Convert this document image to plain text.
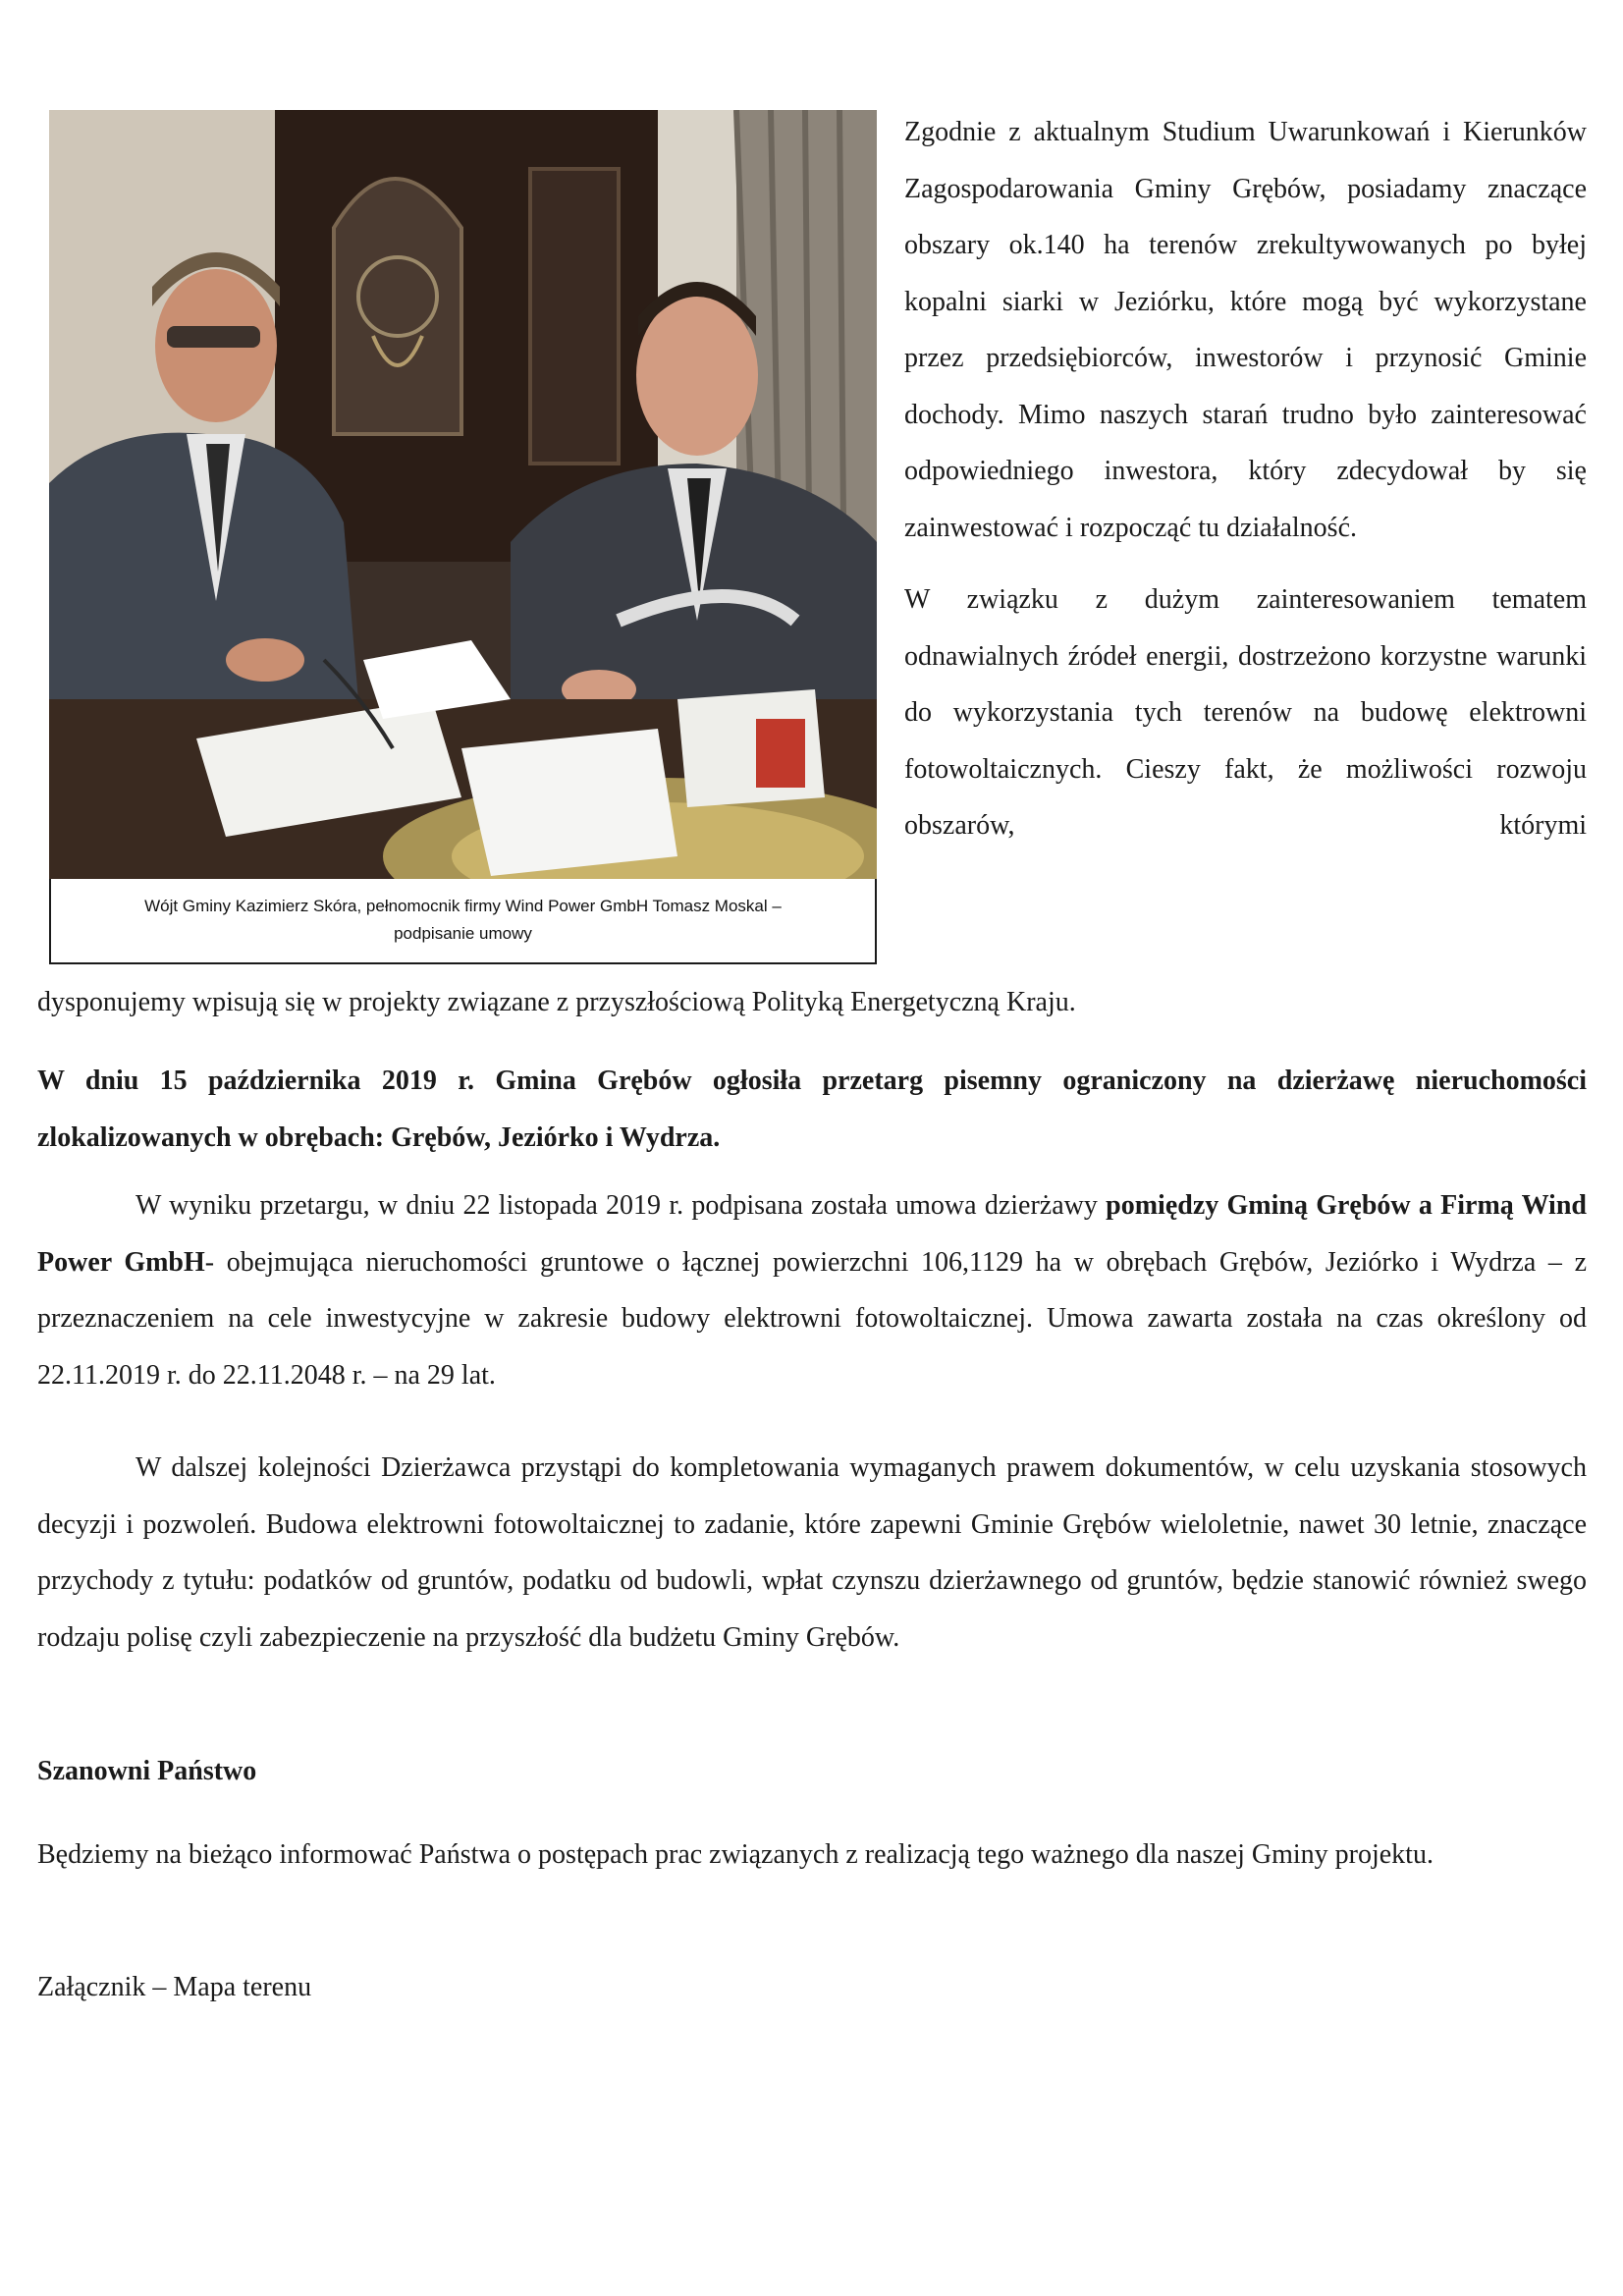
Wójt Gminy Kazimierz Skóra, pełnomocnik firmy Wind Power GmbH Tomasz Moskal –
podpisanie umowy

Zgodnie z aktualnym Studium Uwarunkowań i Kierunków Zagospodarowania Gminy Grębów, posiadamy znaczące obszary ok.140 ha terenów zrekultywowanych po byłej kopalni siarki w Jeziórku, które mogą być wykorzystane przez przedsiębiorców, inwestorów i przynosić Gminie dochody. Mimo naszych starań trudno było zainteresować odpowiedniego inwestora, który zdecydował by się zainwestować i rozpocząć tu działalność.

W związku z dużym zainteresowaniem tematem odnawialnych źródeł energii, dostrzeżono korzystne warunki do wykorzystania tych terenów na budowę elektrowni fotowoltaicznych. Cieszy fakt, że możliwości rozwoju obszarów, którymi

dysponujemy wpisują się w projekty związane z przyszłościową Polityką Energetyczną Kraju.
W dniu 15 października 2019 r. Gmina Grębów ogłosiła przetarg pisemny ograniczony na dzierżawę nieruchomości zlokalizowanych w obrębach: Grębów, Jeziórko i Wydrza.
W wyniku przetargu, w dniu 22 listopada 2019 r. podpisana została umowa dzierżawy pomiędzy Gminą Grębów a Firmą Wind Power GmbH- obejmująca nieruchomości gruntowe o łącznej powierzchni 106,1129 ha w obrębach Grębów, Jeziórko i Wydrza – z przeznaczeniem na cele inwestycyjne w zakresie budowy elektrowni fotowoltaicznej. Umowa zawarta została na czas określony od 22.11.2019 r. do 22.11.2048 r. – na 29 lat.
W dalszej kolejności Dzierżawca przystąpi do kompletowania wymaganych prawem dokumentów, w celu uzyskania stosowych decyzji i pozwoleń. Budowa elektrowni fotowoltaicznej to zadanie, które zapewni Gminie Grębów wieloletnie, nawet 30 letnie, znaczące przychody z tytułu: podatków od gruntów, podatku od budowli, wpłat czynszu dzierżawnego od gruntów, będzie stanowić również swego rodzaju polisę czyli zabezpieczenie na przyszłość dla budżetu Gminy Grębów.
Szanowni Państwo
Będziemy na bieżąco informować Państwa o postępach prac związanych z realizacją tego ważnego dla naszej Gminy projektu.
Załącznik – Mapa terenu
